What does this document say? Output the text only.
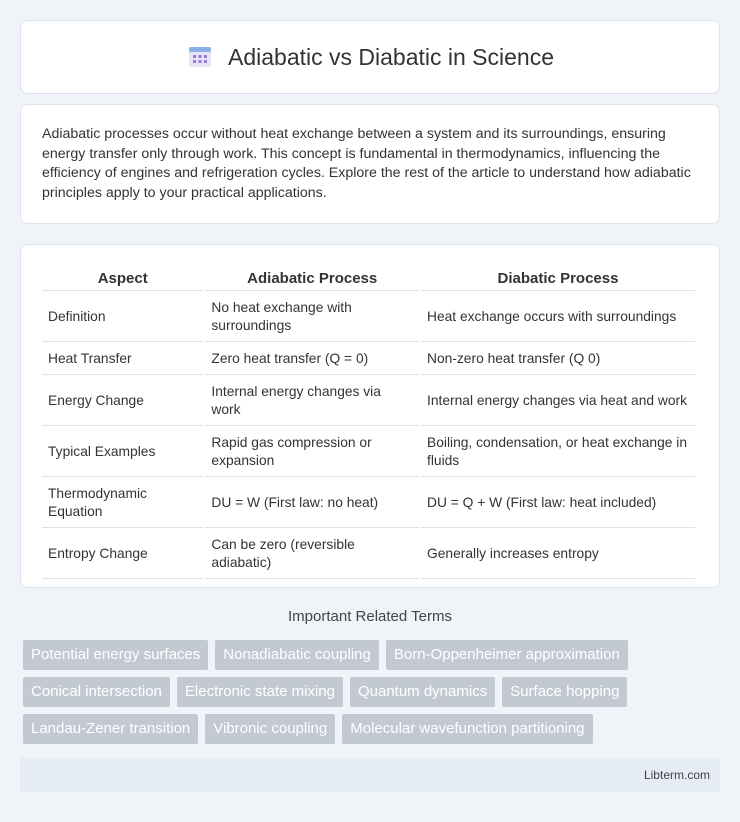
Adiabatic vs Diabatic in Science

Adiabatic processes occur without heat exchange between a system and its surroundings, ensuring energy transfer only through work. This concept is fundamental in thermodynamics, influencing the efficiency of engines and refrigeration cycles. Explore the rest of the article to understand how adiabatic principles apply to your practical applications.

Aspect	Adiabatic Process	Diabatic Process
Definition	No heat exchange with surroundings	Heat exchange occurs with surroundings
Heat Transfer	Zero heat transfer (Q = 0)	Non-zero heat transfer (Q 0)
Energy Change	Internal energy changes via work	Internal energy changes via heat and work
Typical Examples	Rapid gas compression or expansion	Boiling, condensation, or heat exchange in fluids
Thermodynamic Equation	DU = W (First law: no heat)	DU = Q + W (First law: heat included)
Entropy Change	Can be zero (reversible adiabatic)	Generally increases entropy
Important Related Terms
Potential energy surfaces	Nonadiabatic coupling	Born-Oppenheimer approximation
Conical intersection	Electronic state mixing	Quantum dynamics	Surface hopping
Landau-Zener transition	Vibronic coupling	Molecular wavefunction partitioning
Libterm.com
